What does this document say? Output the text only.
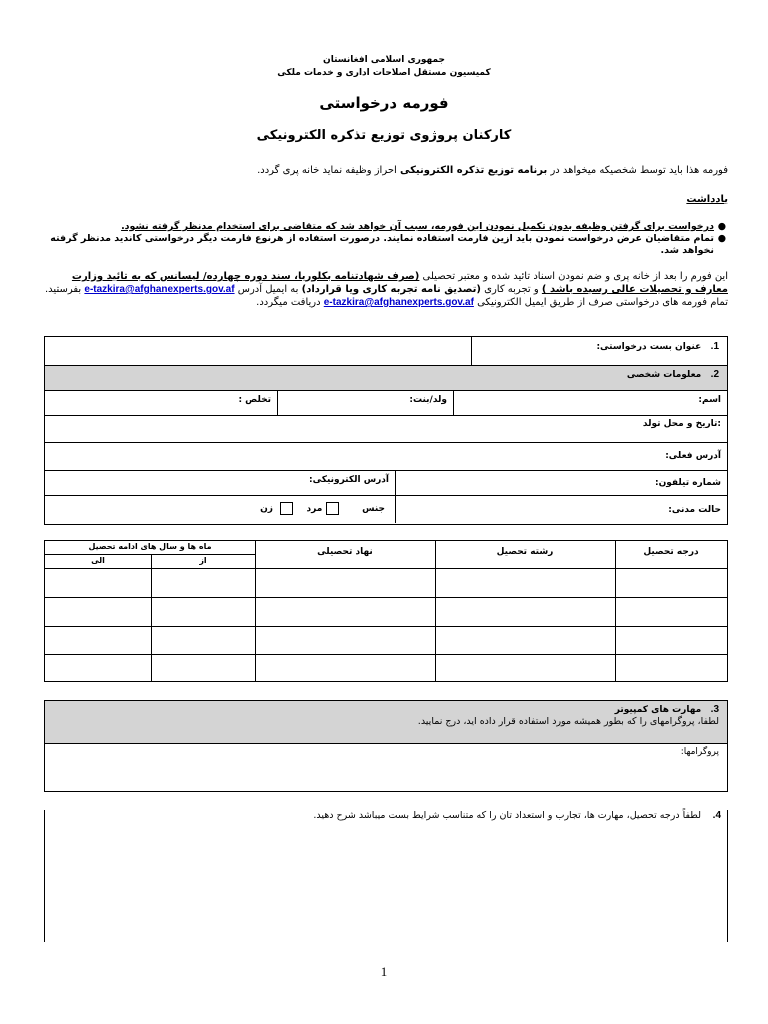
جمهوری اسلامی افغانستان
کمیسیون مستقل اصلاحات اداری و خدمات ملکی
فورمه درخواستی
کارکنان پروژوی توزیع تذکره الکترونیکی
فورمه هذا باید توسط شخصیکه میخواهد در برنامه توزیع تذکره الکترونیکی احراز وظیفه نماید خانه پری گردد.
یادداشت
●
درخواست برای گرفتن وظیفه بدون تکمیل نمودن این فورمه، سبب آن خواهد شد که متقاضی برای استخدام مدنظر گرفته نشود.
●
تمام متقاضیان عرض درخواست نمودن باید ازین فارمت استفاده نمایند. درصورت استفاده از هرنوع فارمت دیگر درخواستی کاندید مدنظر گرفته نخواهد شد.
این فورم را بعد از خانه پری و ضم نمودن اسناد تائید شده و معتبر تحصیلی (صرف شهادتنامه بکلوریا، سند دوره چهارده/ لیسانس که به تائید وزارت معارف و تحصیلات عالی رسیده باشد ) و تجربه کاری (تصدیق نامه تجربه کاری ویا قرارداد) به ایمیل آدرس e-tazkira@afghanexperts.gov.af بفرستید.
تمام فورمه های درخواستی صرف از طریق ایمیل الکترونیکی e-tazkira@afghanexperts.gov.af دریافت میگردد.
1.   عنوان بست درخواستی:
2.   معلومات شخصی
اسم:
ولد/بنت:
تخلص :
:تاریخ و محل تولد
آدرس فعلی:
شماره تیلفون:
آدرس الکترونیکی:
حالت مدنی:
جنس      مرد    زن
ماه ها و سال های ادامه تحصیل
از
الی
نهاد تحصیلی	رشته تحصیل	درجه تحصیل
3.   مهارت های کمپیوتر
لطفا، پروگرامهای را که بطور همیشه مورد استفاده قرار داده اید، درج نمایید.
پروگرامها:
4.
لطفاً درجه تحصیل، مهارت ها، تجارب و استعداد تان را که متناسب شرایط بست میباشد شرح دهید.
1
